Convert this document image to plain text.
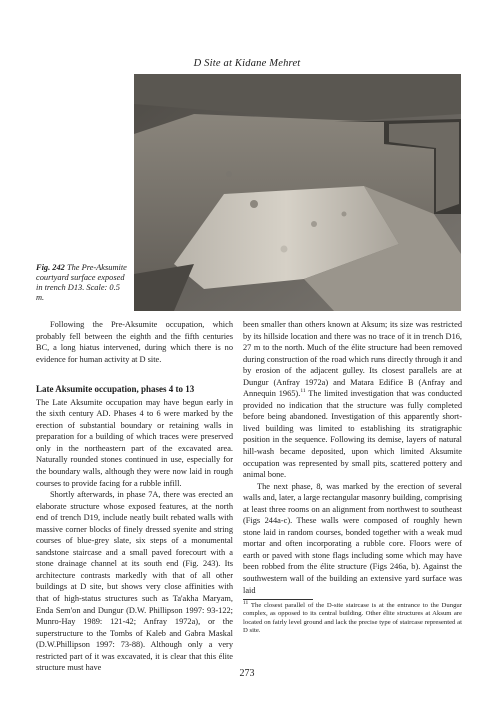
D Site at Kidane Mehret
Fig. 242 The Pre-Aksumite courtyard surface exposed in trench D13. Scale: 0.5 m.

Following the Pre-Aksumite occupation, which probably fell between the eighth and the fifth centuries BC, a long hiatus intervened, during which there is no evidence for human activity at D site.

Late Aksumite occupation, phases 4 to 13

The Late Aksumite occupation may have begun early in the sixth century AD. Phases 4 to 6 were marked by the erection of substantial boundary or retaining walls in preparation for a building of which traces were preserved only in the northeastern part of the excavated area. Naturally rounded stones continued in use, especially for the boundary walls, although they were now laid in rough courses to provide facing for a rubble infill.

Shortly afterwards, in phase 7A, there was erected an elaborate structure whose exposed features, at the north end of trench D19, include neatly built rebated walls with massive corner blocks of finely dressed syenite and string courses of blue-grey slate, six steps of a monumental sandstone staircase and a small paved forecourt with a stone drainage channel at its south end (Fig. 243). Its architecture contrasts markedly with that of all other buildings at D site, but shows very close affinities with that of high-status structures such as Ta'akha Maryam, Enda Sem'on and Dungur (D.W. Phillipson 1997: 93-122; Munro-Hay 1989: 121-42; Anfray 1972a), or the superstructure to the Tombs of Kaleb and Gabra Maskal (D.W.Phillipson 1997: 73-88). Although only a very restricted part of it was excavated, it is clear that this élite structure must have

been smaller than others known at Aksum; its size was restricted by its hillside location and there was no trace of it in trench D16, 27 m to the north. Much of the élite structure had been removed during construction of the road which runs directly through it and by erosion of the adjacent gulley. Its closest parallels are at Dungur (Anfray 1972a) and Matara Edifice B (Anfray and Annequin 1965).$^{11}$ The limited investigation that was conducted provided no indication that the structure was fully completed before being abandoned. Investigation of this apparently short-lived building was limited to establishing its stratigraphic position in the sequence. Following its demise, layers of natural hill-wash became deposited, upon which limited Aksumite occupation was represented by small pits, scattered pottery and animal bone.

The next phase, 8, was marked by the erection of several walls and, later, a large rectangular masonry building, comprising at least three rooms on an alignment from northwest to southeast (Figs 244a-c). These walls were composed of roughly hewn stone laid in random courses, bonded together with a weak mud mortar and often incorporating a rubble core. Floors were of earth or paved with stone flags including some which may have been robbed from the élite structure (Figs 246a, b). Against the southwestern wall of the building an extensive yard surface was laid

$^{11}$ The closest parallel of the D-site staircase is at the entrance to the Dungur complex, as opposed to its central building. Other élite structures at Aksum are located on fairly level ground and lack the precise type of staircase represented at D site.

273
